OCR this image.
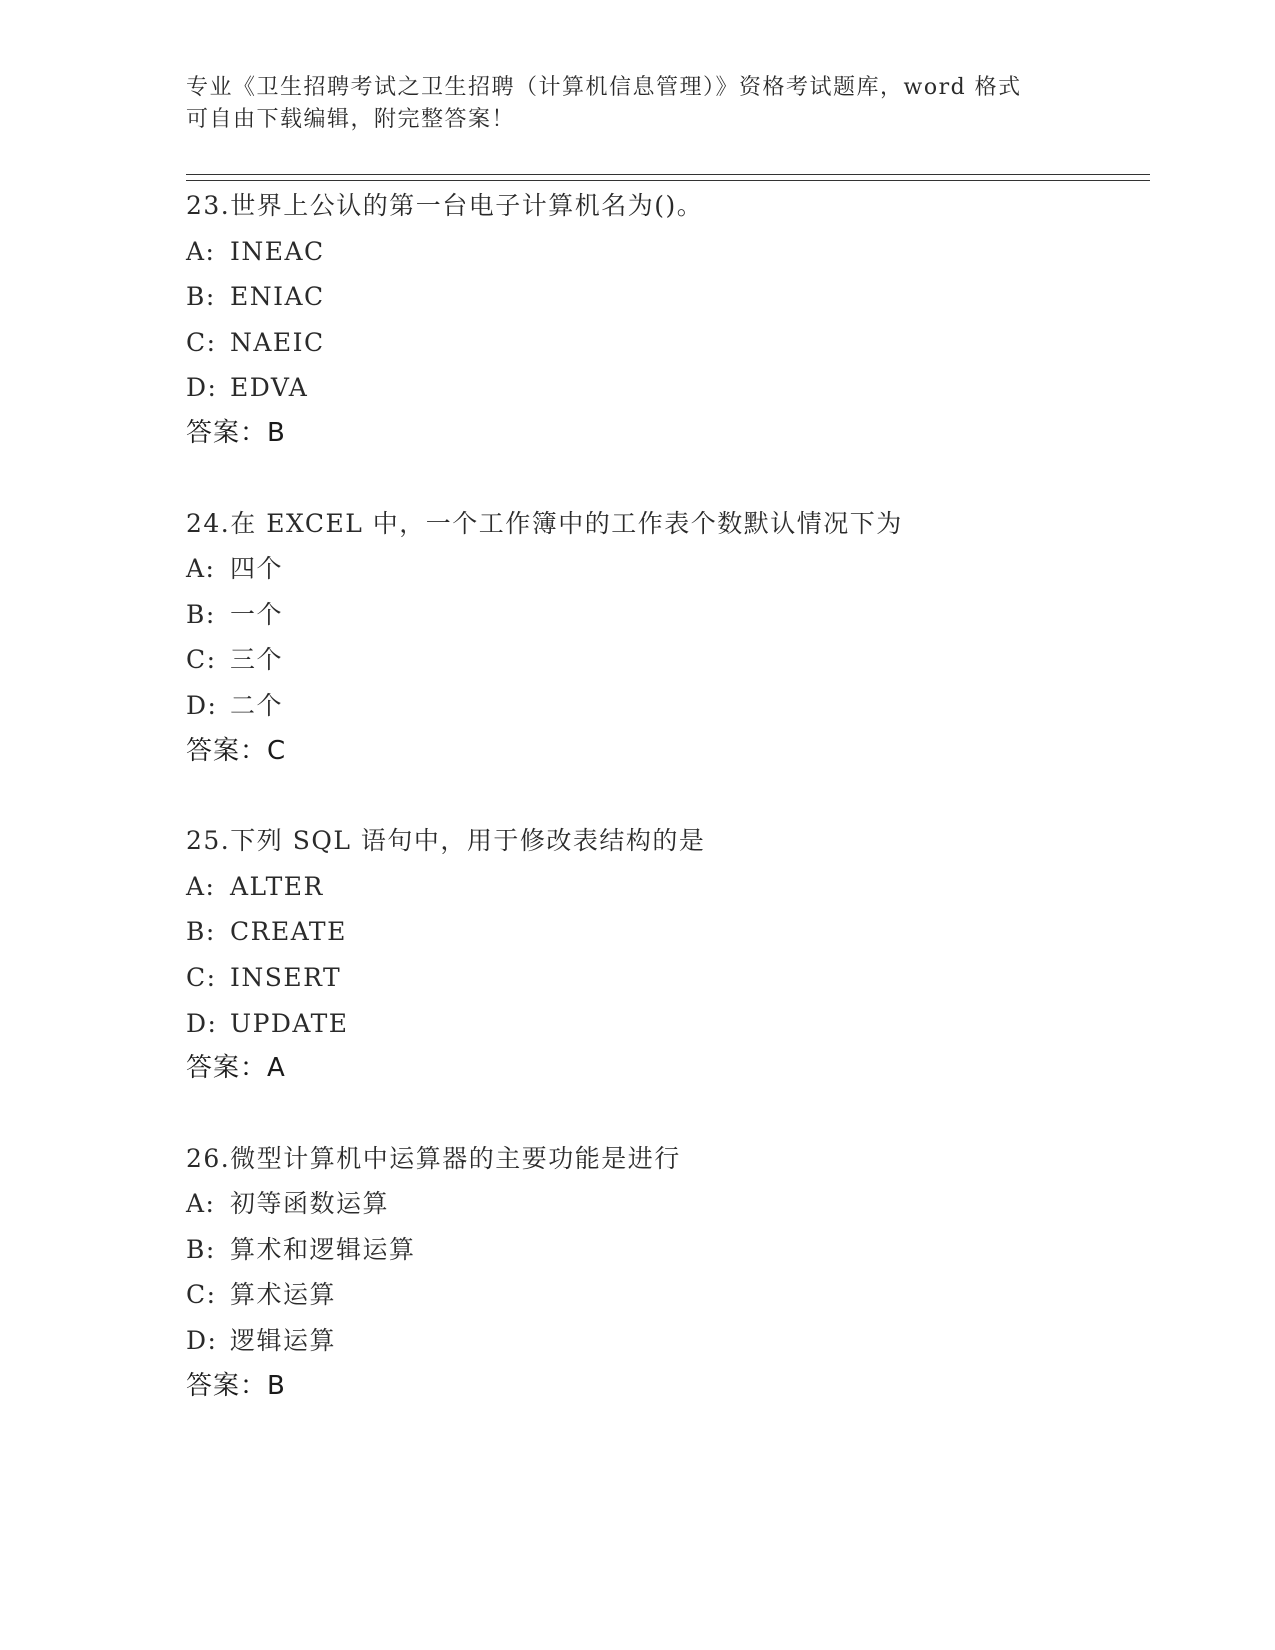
专业《卫生招聘考试之卫生招聘（计算机信息管理）》资格考试题库，word 格式
可自由下载编辑，附完整答案！
23.世界上公认的第一台电子计算机名为()。
A: INEAC
B: ENIAC
C: NAEIC
D: EDVA
答案：B
24.在 EXCEL 中，一个工作簿中的工作表个数默认情况下为
A: 四个
B: 一个
C: 三个
D: 二个
答案：C
25.下列 SQL 语句中，用于修改表结构的是
A: ALTER
B: CREATE
C: INSERT
D: UPDATE
答案：A
26.微型计算机中运算器的主要功能是进行
A: 初等函数运算
B: 算术和逻辑运算
C: 算术运算
D: 逻辑运算
答案：B
